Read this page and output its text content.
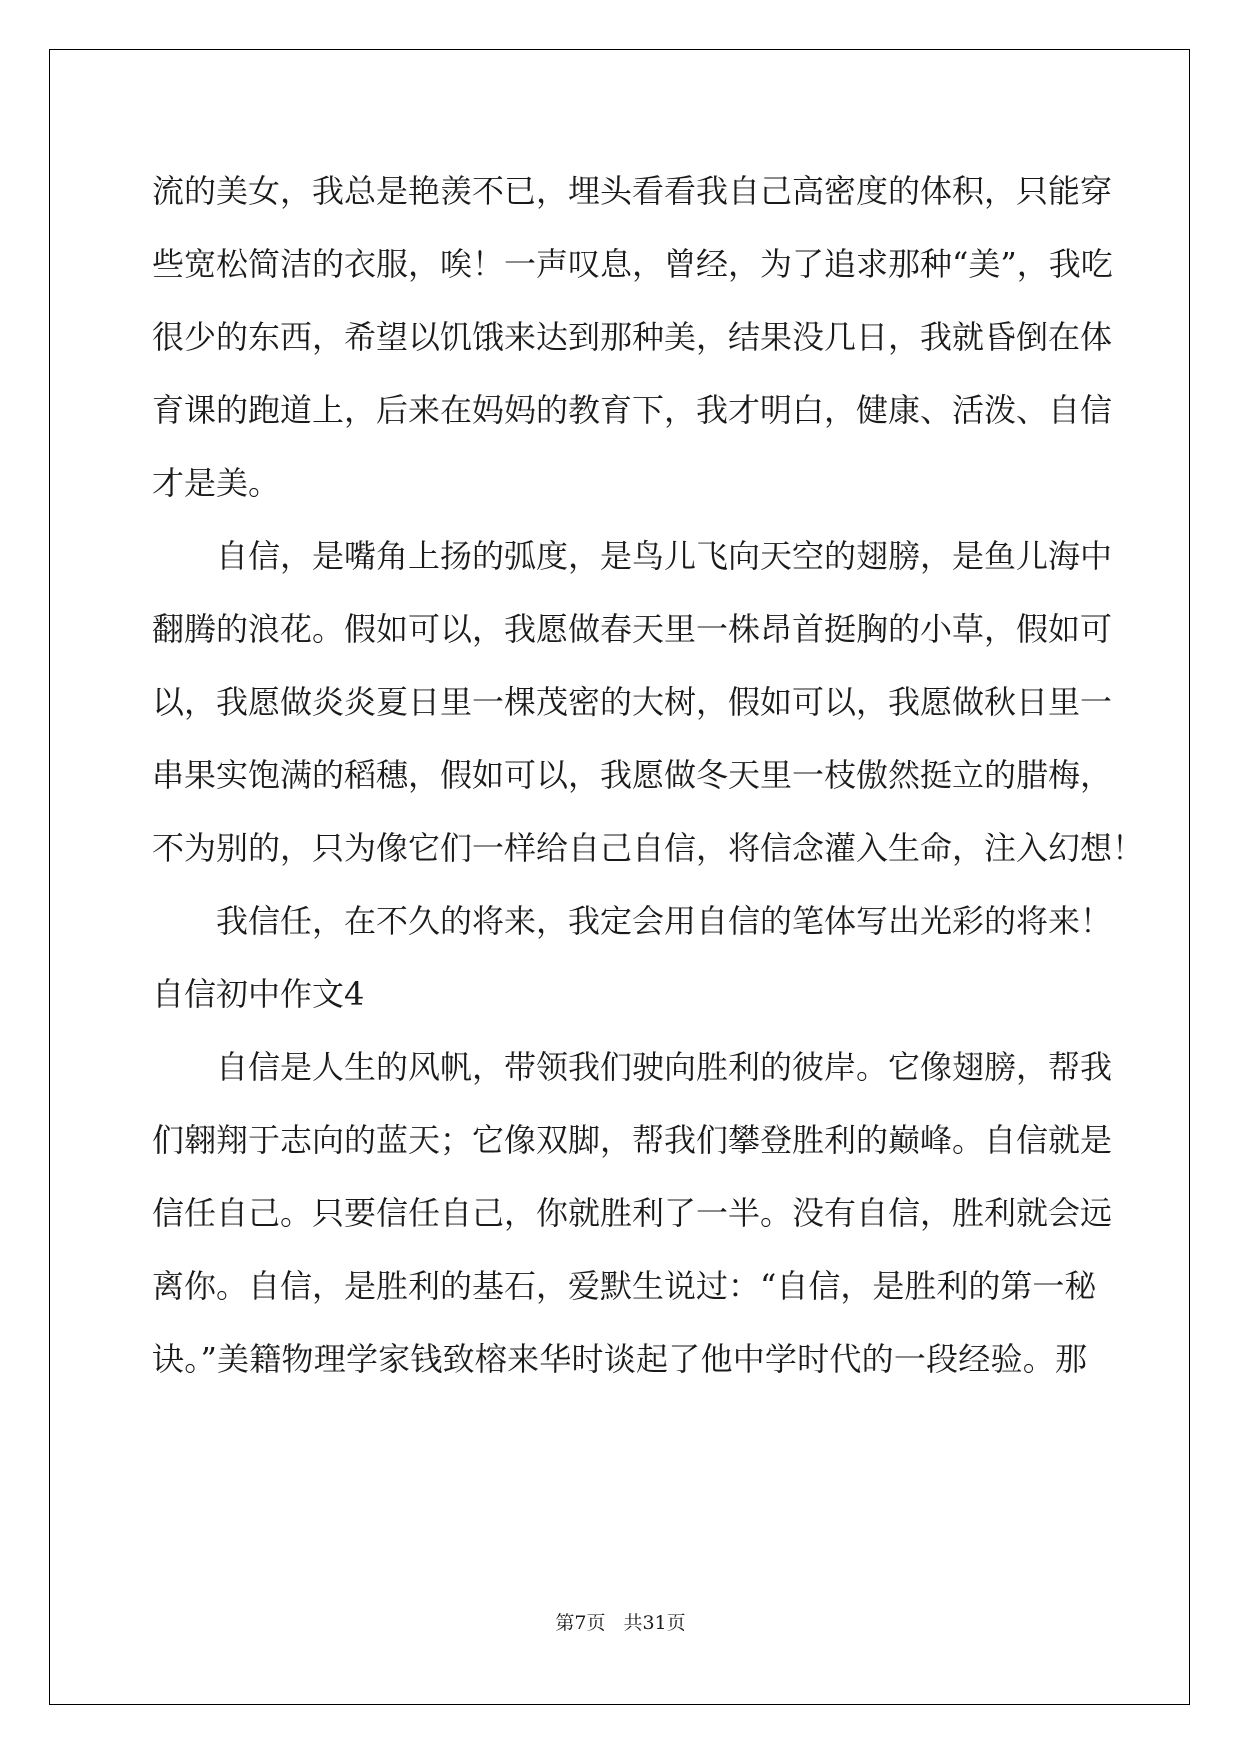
流的美女，我总是艳羡不已，埋头看看我自己高密度的体积，只能穿
些宽松简洁的衣服，唉！一声叹息，曾经，为了追求那种“美”，我吃
很少的东西，希望以饥饿来达到那种美，结果没几日，我就昏倒在体
育课的跑道上，后来在妈妈的教育下，我才明白，健康、活泼、自信
才是美。
自信，是嘴角上扬的弧度，是鸟儿飞向天空的翅膀，是鱼儿海中
翻腾的浪花。假如可以，我愿做春天里一株昂首挺胸的小草，假如可
以，我愿做炎炎夏日里一棵茂密的大树，假如可以，我愿做秋日里一
串果实饱满的稻穗，假如可以，我愿做冬天里一枝傲然挺立的腊梅，
不为别的，只为像它们一样给自己自信，将信念灌入生命，注入幻想！
我信任，在不久的将来，我定会用自信的笔体写出光彩的将来！
自信初中作文4
自信是人生的风帆，带领我们驶向胜利的彼岸。它像翅膀，帮我
们翱翔于志向的蓝天；它像双脚，帮我们攀登胜利的巅峰。自信就是
信任自己。只要信任自己，你就胜利了一半。没有自信，胜利就会远
离你。自信，是胜利的基石，爱默生说过：“自信，是胜利的第一秘
诀。”美籍物理学家钱致榕来华时谈起了他中学时代的一段经验。那
第7页 共31页
